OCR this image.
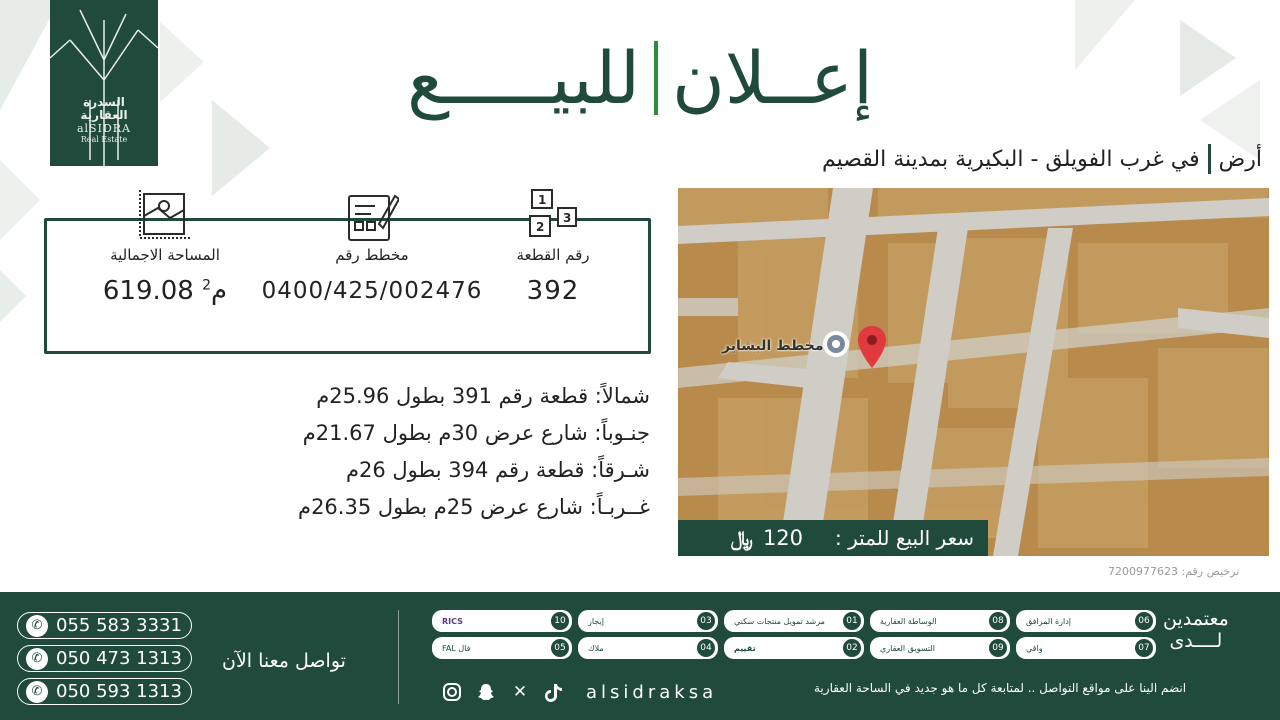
السدرة
العقارية
alSIDRA
Real Estate
إعــلان
للبيـــــع
أرض
في غرب الفويلق - البكيرية بمدينة القصيم
1
3
2
رقم القطعة
392
مخطط رقم
0400/425/002476
المساحة الاجمالية
619.08 م$^2$
شمالاً: قطعة رقم 391 بطول 25.96م
جنـوباً: شارع عرض 30م بطول 21.67م
شـرقاً: قطعة رقم 394 بطول 26م
غــربـاً: شارع عرض 25م بطول 26.35م
مخطط البشاير
سعر البيع للمتر :
120
﷼
ترخيص رقم: 7200977623
✆ 055 583 3331
✆ 050 473 1313
✆ 050 593 1313
تواصل معنا الآن
✕	alsidraksa
معتمدين
لــــدى
إدارة المرافق	06
الوساطة العقارية	08
مرشد تمويل منتجات سكني	01
إيجار	03
RICS	10
واڤي	07
التسويق العقاري	09
تقييم	02
ملاك	04
فال FAL	05
انضم الينا على مواقع التواصل .. لمتابعة كل ما هو جديد في الساحة العقارية
